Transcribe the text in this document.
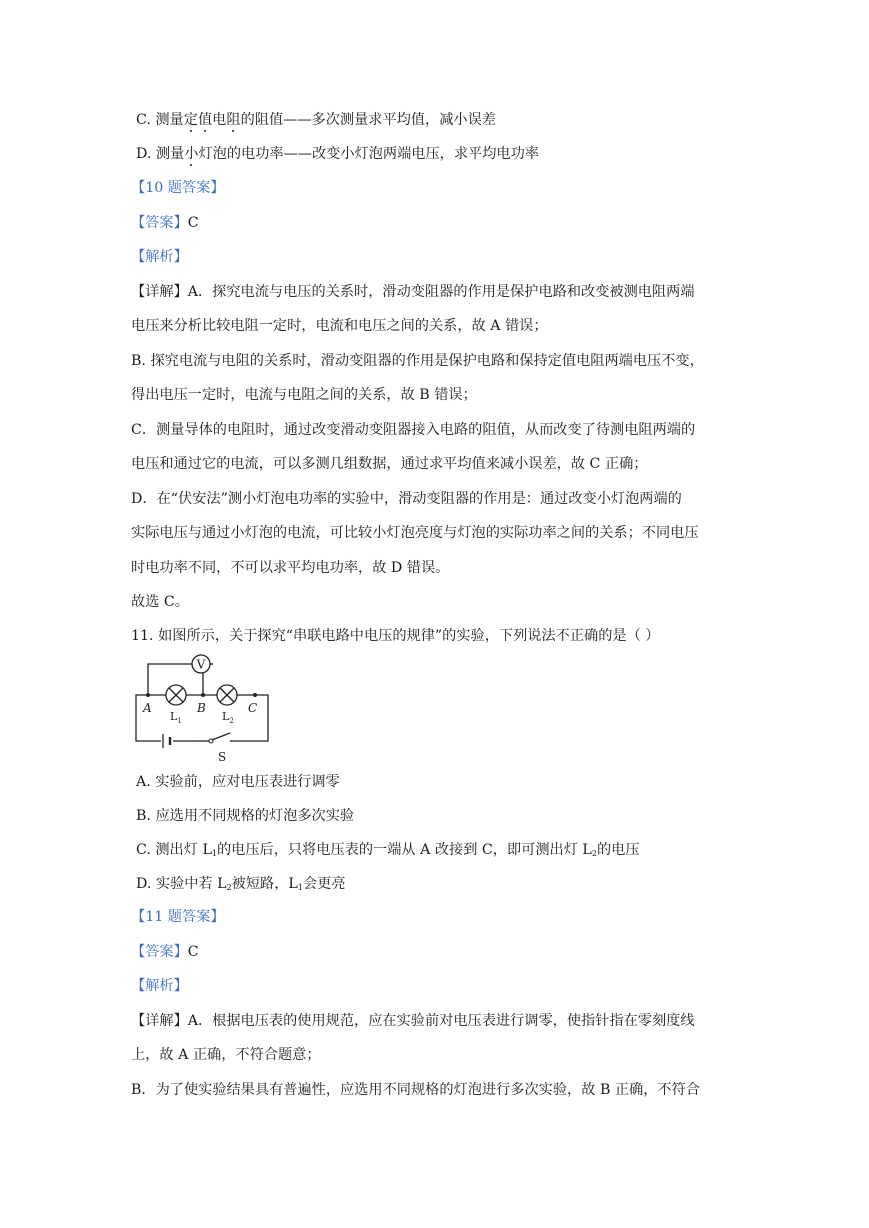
C. 测量定值电阻的阻值——多次测量求平均值，减小误差

D. 测量小灯泡的电功率——改变小灯泡两端电压，求平均电功率

【10 题答案】

【答案】C

【解析】

【详解】A．探究电流与电压的关系时，滑动变阻器的作用是保护电路和改变被测电阻两端

电压来分析比较电阻一定时，电流和电压之间的关系，故 A 错误；

B. 探究电流与电阻的关系时，滑动变阻器的作用是保护电路和保持定值电阻两端电压不变，

得出电压一定时，电流与电阻之间的关系，故 B 错误；

C．测量导体的电阻时，通过改变滑动变阻器接入电路的阻值，从而改变了待测电阻两端的

电压和通过它的电流，可以多测几组数据，通过求平均值来减小误差，故 C 正确；

D．在“伏安法”测小灯泡电功率的实验中，滑动变阻器的作用是：通过改变小灯泡两端的

实际电压与通过小灯泡的电流，可比较小灯泡亮度与灯泡的实际功率之间的关系；不同电压

时电功率不同，不可以求平均电功率，故 D 错误。

故选 C。

11. 如图所示，关于探究“串联电路中电压的规律”的实验，下列说法不正确的是（ ）

V
A	B	C
$L_1$	$L_2$
S

A. 实验前，应对电压表进行调零

B. 应选用不同规格的灯泡多次实验

C. 测出灯 $L_1$的电压后，只将电压表的一端从 A 改接到 C，即可测出灯 $L_2$的电压

D. 实验中若 $L_2$被短路，$L_1$会更亮

【11 题答案】

【答案】C

【解析】

【详解】A．根据电压表的使用规范，应在实验前对电压表进行调零，使指针指在零刻度线

上，故 A 正确，不符合题意；

B．为了使实验结果具有普遍性，应选用不同规格的灯泡进行多次实验，故 B 正确，不符合
